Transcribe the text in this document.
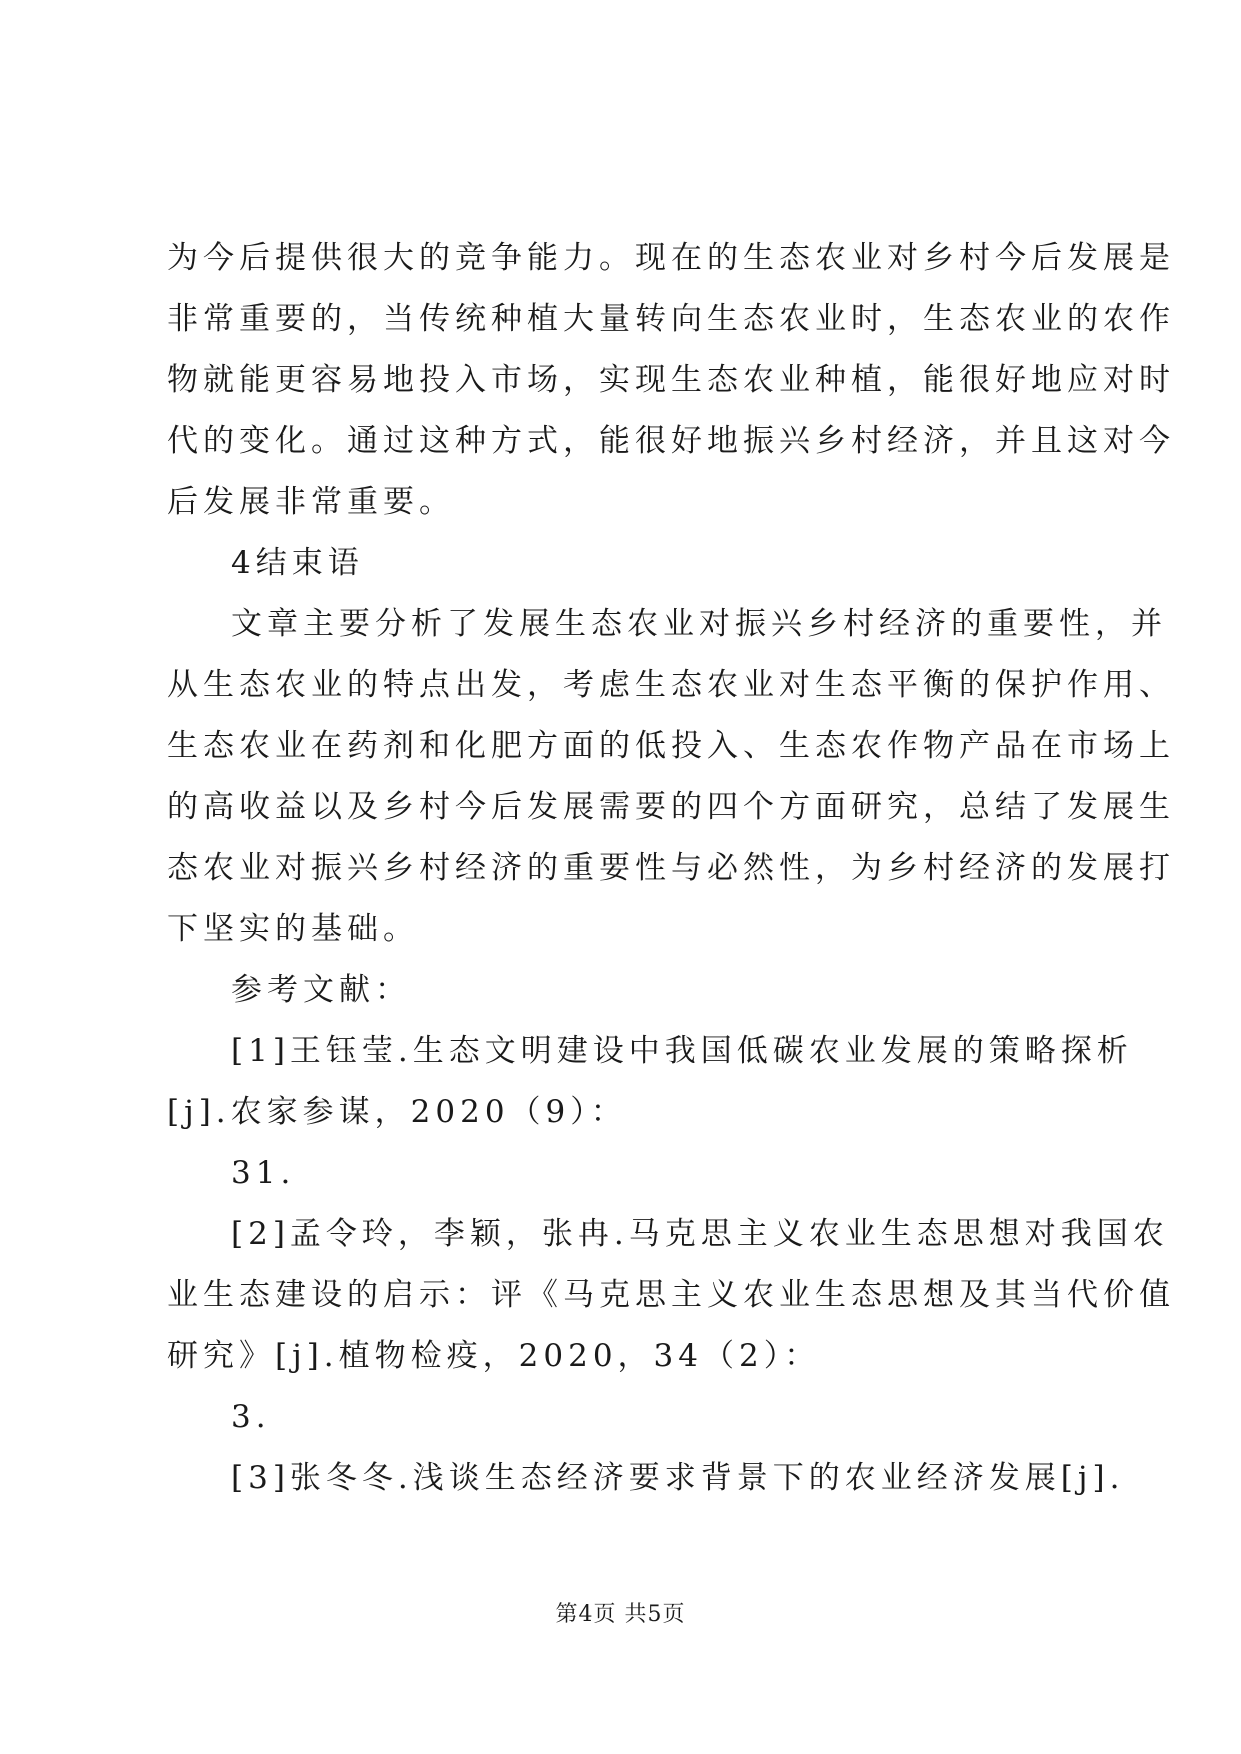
为今后提供很大的竞争能力。现在的生态农业对乡村今后发展是
非常重要的，当传统种植大量转向生态农业时，生态农业的农作
物就能更容易地投入市场，实现生态农业种植，能很好地应对时
代的变化。通过这种方式，能很好地振兴乡村经济，并且这对今
后发展非常重要。
4结束语
文章主要分析了发展生态农业对振兴乡村经济的重要性，并
从生态农业的特点出发，考虑生态农业对生态平衡的保护作用、
生态农业在药剂和化肥方面的低投入、生态农作物产品在市场上
的高收益以及乡村今后发展需要的四个方面研究，总结了发展生
态农业对振兴乡村经济的重要性与必然性，为乡村经济的发展打
下坚实的基础。
参考文献：
[1]王钰莹.生态文明建设中我国低碳农业发展的策略探析
[j].农家参谋，2020（9）：
31.
[2]孟令玲，李颖，张冉.马克思主义农业生态思想对我国农
业生态建设的启示：评《马克思主义农业生态思想及其当代价值
研究》[j].植物检疫，2020，34（2）：
3.
[3]张冬冬.浅谈生态经济要求背景下的农业经济发展[j].
第4页 共5页
